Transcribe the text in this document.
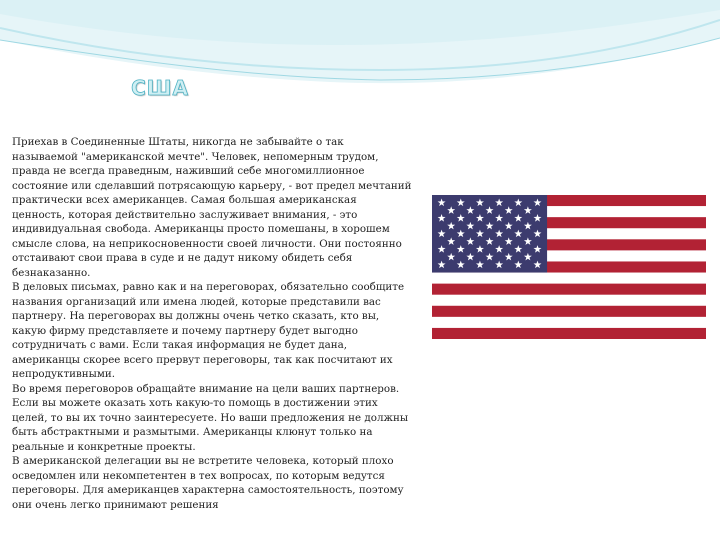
США

Приехав в Соединенные Штаты, никогда не забывайте о так называемой "американской мечте". Человек, непомерным трудом, правда не всегда праведным, наживший себе многомиллионное состояние или сделавший потрясающую карьеру, - вот предел мечтаний практически всех американцев. Самая большая американская ценность, которая действительно заслуживает внимания, - это индивидуальная свобода. Американцы просто помешаны, в хорошем смысле слова, на неприкосновенности своей личности. Они постоянно отстаивают свои права в суде и не дадут никому обидеть себя безнаказанно.

В деловых письмах, равно как и на переговорах, обязательно сообщите названия организаций или имена людей, которые представили вас партнеру. На переговорах вы должны очень четко сказать, кто вы, какую фирму представляете и почему партнеру будет выгодно сотрудничать с вами. Если такая информация не будет дана, американцы скорее всего прервут переговоры, так как посчитают их непродуктивными.

Во время переговоров обращайте внимание на цели ваших партнеров. Если вы можете оказать хоть какую-то помощь в достижении этих целей, то вы их точно заинтересуете. Но ваши предложения не должны быть абстрактными и размытыми. Американцы клюнут только на реальные и конкретные проекты.

В американской делегации вы не встретите человека, который плохо осведомлен или некомпетентен в тех вопросах, по которым ведутся переговоры. Для американцев характерна самостоятельность, поэтому они очень легко принимают решения
